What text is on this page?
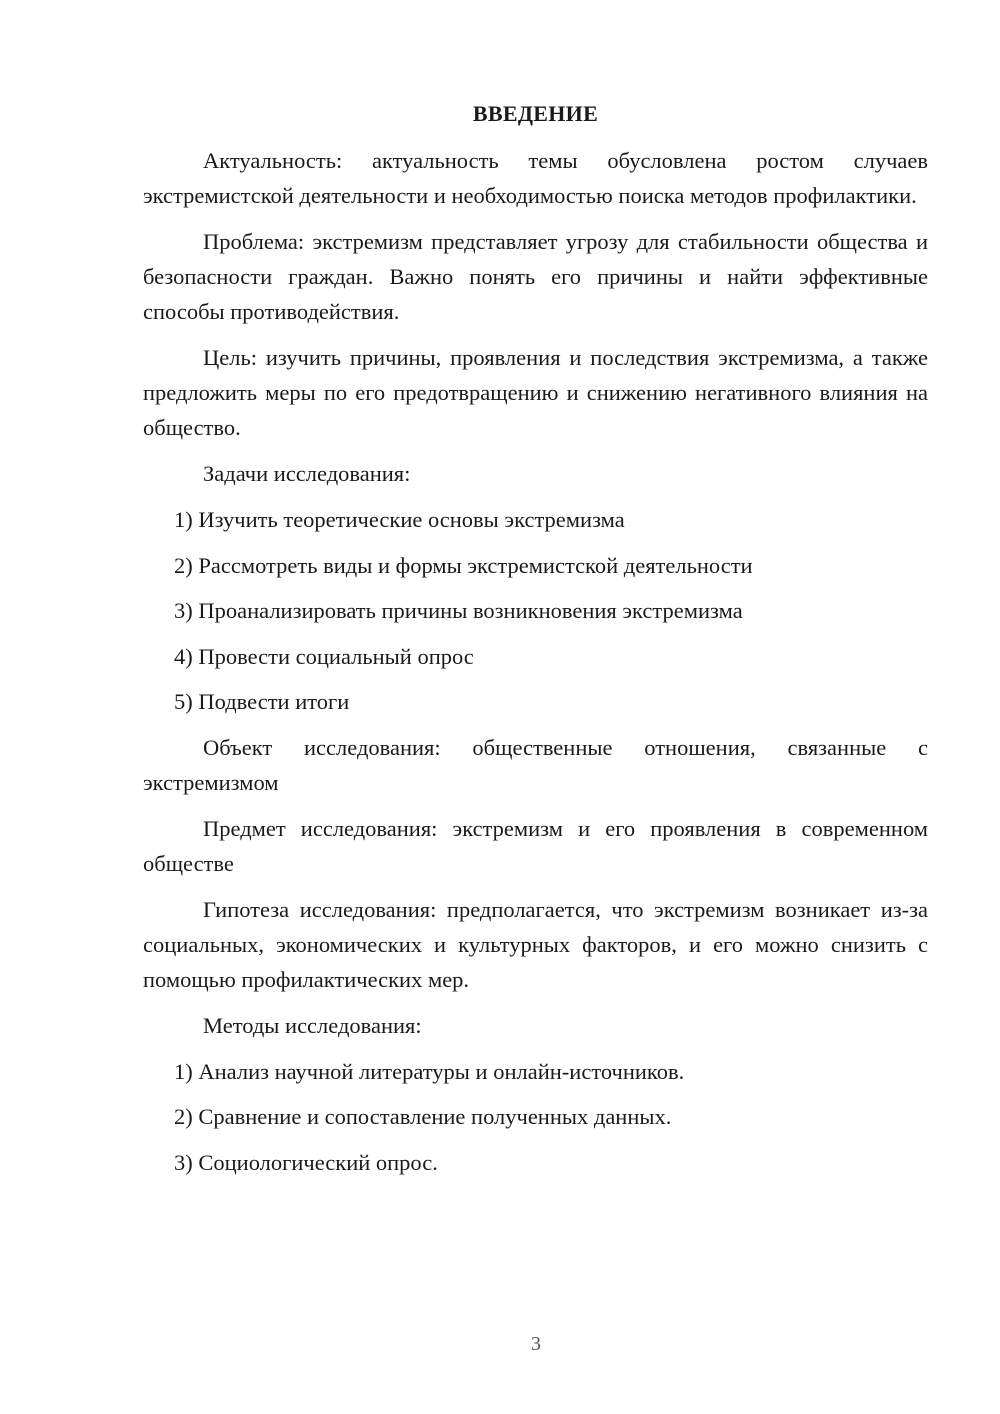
ВВЕДЕНИЕ

Актуальность: актуальность темы обусловлена ростом случаев экстремистской деятельности и необходимостью поиска методов профилактики.

Проблема: экстремизм представляет угрозу для стабильности общества и безопасности граждан. Важно понять его причины и найти эффективные способы противодействия.

Цель: изучить причины, проявления и последствия экстремизма, а также предложить меры по его предотвращению и снижению негативного влияния на общество.

Задачи исследования:

1) Изучить теоретические основы экстремизма
2) Рассмотреть виды и формы экстремистской деятельности
3) Проанализировать причины возникновения экстремизма
4) Провести социальный опрос
5) Подвести итоги

Объект исследования: общественные отношения, связанные с экстремизмом

Предмет исследования: экстремизм и его проявления в современном обществе

Гипотеза исследования: предполагается, что экстремизм возникает из-за социальных, экономических и культурных факторов, и его можно снизить с помощью профилактических мер.

Методы исследования:

1) Анализ научной литературы и онлайн-источников.
2) Сравнение и сопоставление полученных данных.
3) Социологический опрос.
3
